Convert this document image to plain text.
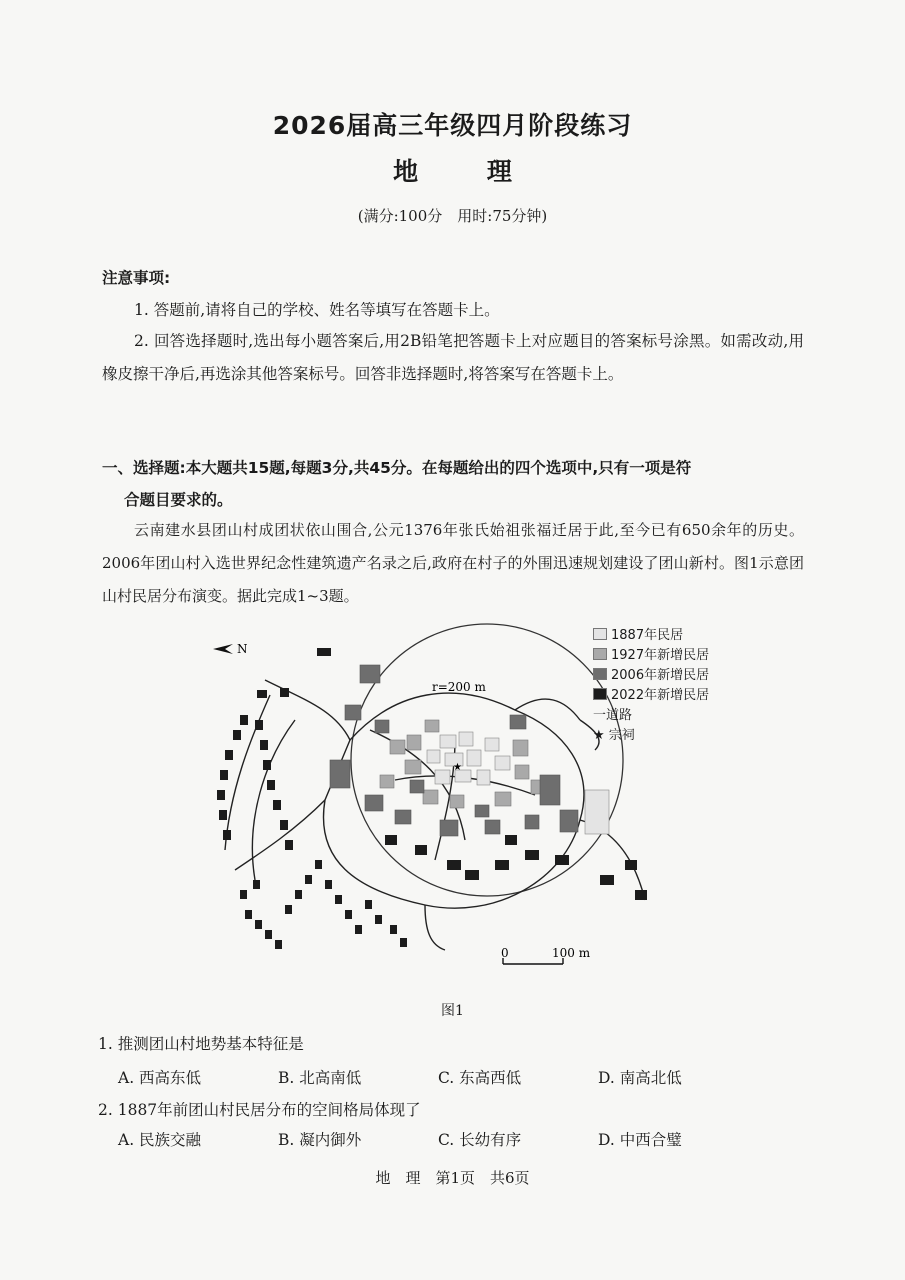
2026届高三年级四月阶段练习
地 理
(满分:100分　用时:75分钟)
注意事项:
1. 答题前,请将自己的学校、姓名等填写在答题卡上。
2. 回答选择题时,选出每小题答案后,用2B铅笔把答题卡上对应题目的答案标号涂黑。如需改动,用橡皮擦干净后,再选涂其他答案标号。回答非选择题时,将答案写在答题卡上。
一、选择题:本大题共15题,每题3分,共45分。在每题给出的四个选项中,只有一项是符
合题目要求的。
云南建水县团山村成团状依山围合,公元1376年张氏始祖张福迁居于此,至今已有650余年的历史。2006年团山村入选世界纪念性建筑遗产名录之后,政府在村子的外围迅速规划建设了团山新村。图1示意团山村民居分布演变。据此完成1~3题。
N
r=200 m
★
0	100 m
1887年民居
1927年新增民居
2006年新增民居
2022年新增民居
一道路
★ 宗祠
图1
1. 推测团山村地势基本特征是
A. 西高东低	B. 北高南低	C. 东高西低	D. 南高北低
2. 1887年前团山村民居分布的空间格局体现了
A. 民族交融	B. 凝内御外	C. 长幼有序	D. 中西合璧
地　理　第1页　共6页
